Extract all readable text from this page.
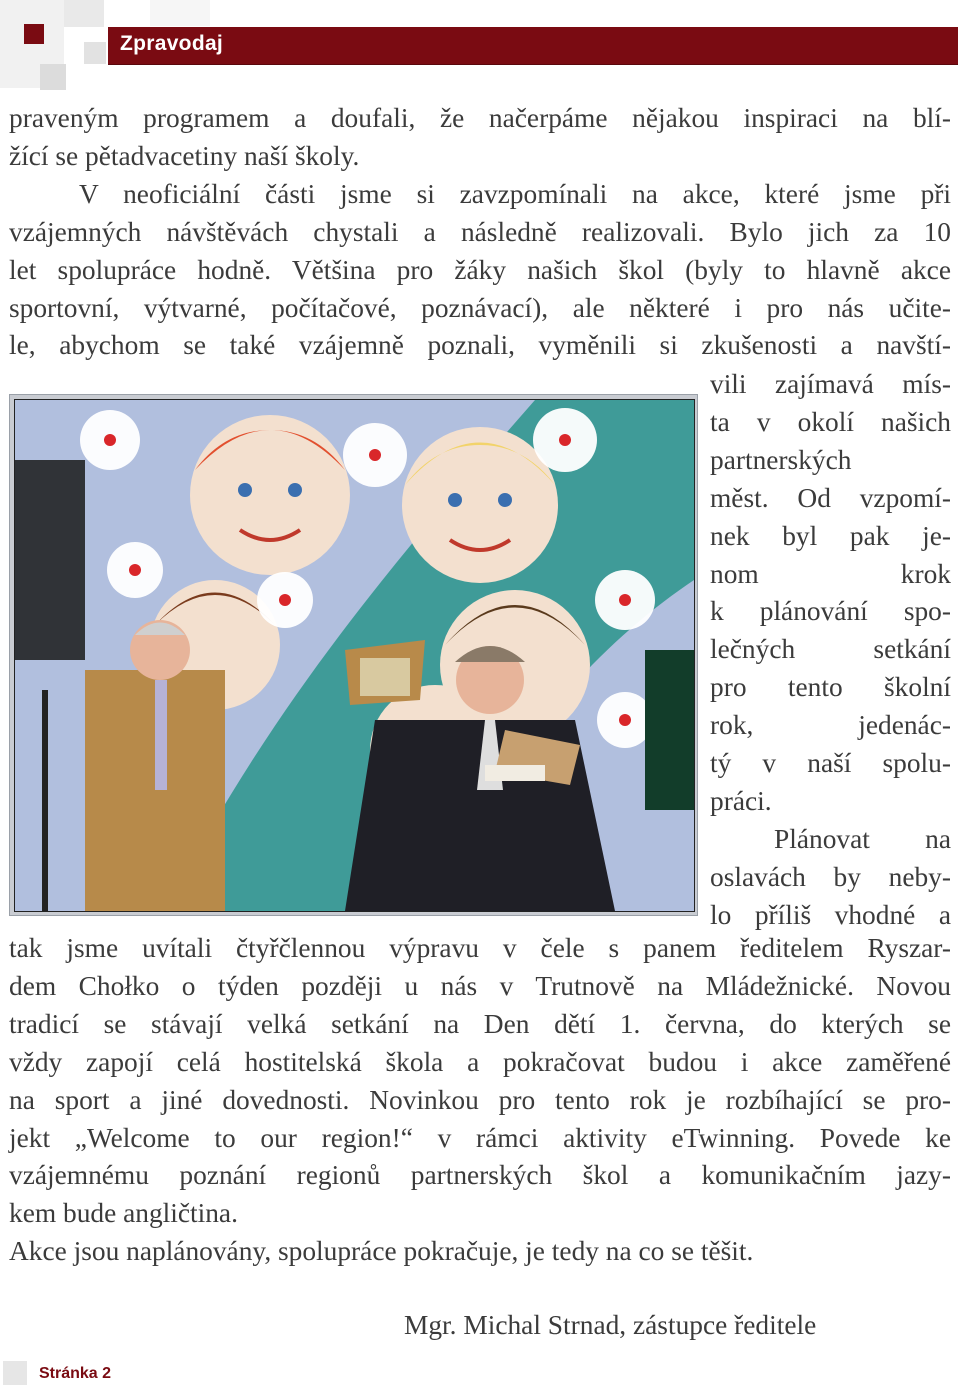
Zpravodaj
pravеným programem a doufali, že načerpáme nějakou inspiraci na blí-
žící se pětadvacetiny naší školy.
V neoficiální části jsme si zavzpomínali na akce, které jsme při
vzájemných návštěvách chystali a následně realizovali. Bylo jich za 10
let spolupráce hodně. Většina pro žáky našich škol (byly to hlavně akce
sportovní, výtvarné, počítačové, poznávací), ale některé i pro nás učite-
le, abychom se také vzájemně poznali, vyměnili si zkušenosti a navští-
vili zajímavá mís-
ta v okolí našich
partnerských
měst. Od vzpomí-
nek byl pak je-
nom krok
k plánování spo-
lečných setkání
pro tento školní
rok, jedenác-
tý v naší spolu-
práci.
Plánovat na
oslavách by neby-
lo příliš vhodné a
tak jsme uvítali čtyřčlennou výpravu v čele s panem ředitelem Ryszar-
dem Chołko o týden později u nás v Trutnově na Mládežnické. Novou
tradicí se stávají velká setkání na Den dětí 1. června, do kterých se
vždy zapojí celá hostitelská škola a pokračovat budou i akce zaměřené
na sport a jiné dovednosti. Novinkou pro tento rok je rozbíhající se pro-
jekt „Welcome to our region!“ v rámci aktivity eTwinning. Povede ke
vzájemnému poznání regionů partnerských škol a komunikačním jazy-
kem bude angličtina.
Akce jsou naplánovány, spolupráce pokračuje, je tedy na co se těšit.
Mgr. Michal Strnad, zástupce ředitele
Stránka 2
